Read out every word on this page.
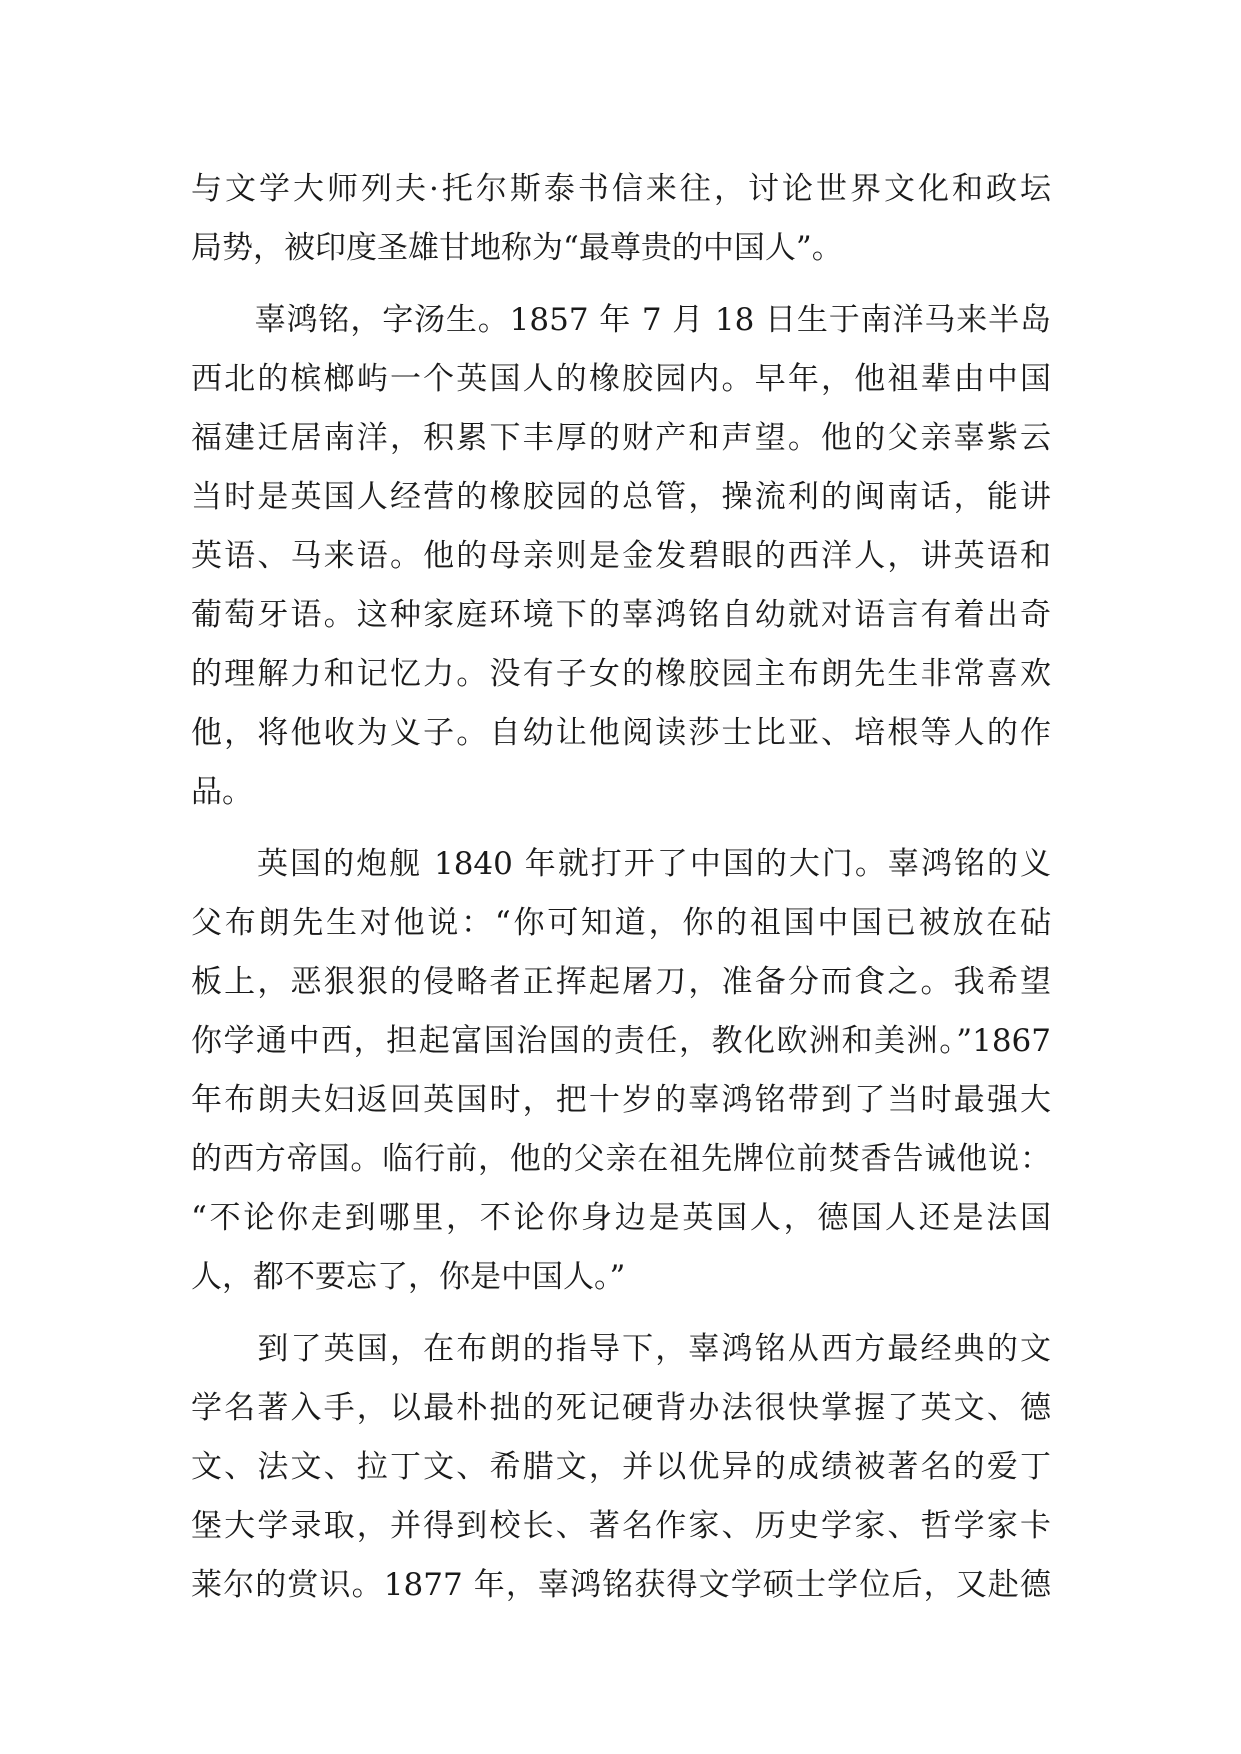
与文学大师列夫·托尔斯泰书信来往，讨论世界文化和政坛
局势，被印度圣雄甘地称为“最尊贵的中国人”。
　　辜鸿铭，字汤生。1857 年 7 月 18 日生于南洋马来半岛
西北的槟榔屿一个英国人的橡胶园内。早年，他祖辈由中国
福建迁居南洋，积累下丰厚的财产和声望。他的父亲辜紫云
当时是英国人经营的橡胶园的总管，操流利的闽南话，能讲
英语、马来语。他的母亲则是金发碧眼的西洋人，讲英语和
葡萄牙语。这种家庭环境下的辜鸿铭自幼就对语言有着出奇
的理解力和记忆力。没有子女的橡胶园主布朗先生非常喜欢
他，将他收为义子。自幼让他阅读莎士比亚、培根等人的作
品。
　　英国的炮舰 1840 年就打开了中国的大门。辜鸿铭的义
父布朗先生对他说：“你可知道，你的祖国中国已被放在砧
板上，恶狠狠的侵略者正挥起屠刀，准备分而食之。我希望
你学通中西，担起富国治国的责任，教化欧洲和美洲。”1867
年布朗夫妇返回英国时，把十岁的辜鸿铭带到了当时最强大
的西方帝国。临行前，他的父亲在祖先牌位前焚香告诫他说：
“不论你走到哪里，不论你身边是英国人，德国人还是法国
人，都不要忘了，你是中国人。”
　　到了英国，在布朗的指导下，辜鸿铭从西方最经典的文
学名著入手，以最朴拙的死记硬背办法很快掌握了英文、德
文、法文、拉丁文、希腊文，并以优异的成绩被著名的爱丁
堡大学录取，并得到校长、著名作家、历史学家、哲学家卡
莱尔的赏识。1877 年，辜鸿铭获得文学硕士学位后，又赴德
